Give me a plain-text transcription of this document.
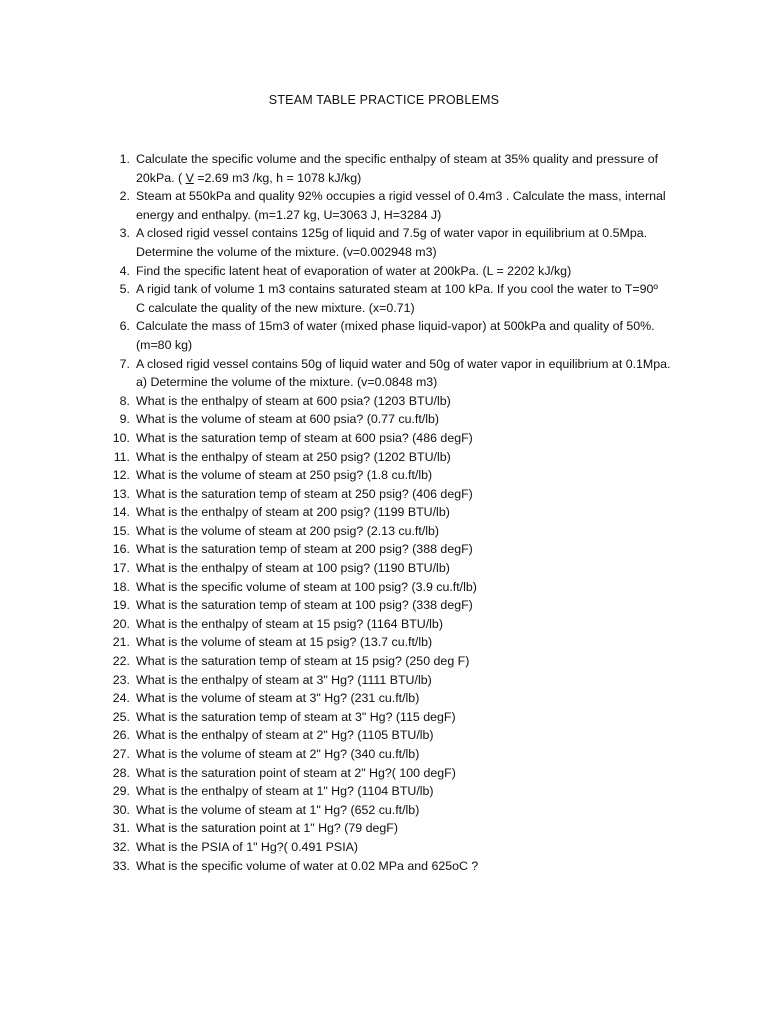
STEAM TABLE PRACTICE PROBLEMS
1. Calculate the specific volume and the specific enthalpy of steam at 35% quality and pressure of
20kPa. ( V =2.69 m3 /kg, h = 1078 kJ/kg)
2. Steam at 550kPa and quality 92% occupies a rigid vessel of 0.4m3 . Calculate the mass, internal
energy and enthalpy. (m=1.27 kg, U=3063 J, H=3284 J)
3. A closed rigid vessel contains 125g of liquid and 7.5g of water vapor in equilibrium at 0.5Mpa.
Determine the volume of the mixture. (v=0.002948 m3)
4. Find the specific latent heat of evaporation of water at 200kPa. (L = 2202 kJ/kg)
5. A rigid tank of volume 1 m3 contains saturated steam at 100 kPa. If you cool the water to T=90º
C calculate the quality of the new mixture. (x=0.71)
6. Calculate the mass of 15m3 of water (mixed phase liquid-vapor) at 500kPa and quality of 50%.
(m=80 kg)
7. A closed rigid vessel contains 50g of liquid water and 50g of water vapor in equilibrium at 0.1Mpa.
a) Determine the volume of the mixture. (v=0.0848 m3)
8. What is the enthalpy of steam at 600 psia? (1203 BTU/lb)
9. What is the volume of steam at 600 psia? (0.77 cu.ft/lb)
10. What is the saturation temp of steam at 600 psia? (486 degF)
11. What is the enthalpy of steam at 250 psig? (1202 BTU/lb)
12. What is the volume of steam at 250 psig? (1.8 cu.ft/lb)
13. What is the saturation temp of steam at 250 psig? (406 degF)
14. What is the enthalpy of steam at 200 psig? (1199 BTU/lb)
15. What is the volume of steam at 200 psig? (2.13 cu.ft/lb)
16. What is the saturation temp of steam at 200 psig? (388 degF)
17. What is the enthalpy of steam at 100 psig? (1190 BTU/lb)
18. What is the specific volume of steam at 100 psig? (3.9 cu.ft/lb)
19. What is the saturation temp of steam at 100 psig? (338 degF)
20. What is the enthalpy of steam at 15 psig? (1164 BTU/lb)
21. What is the volume of steam at 15 psig? (13.7 cu.ft/lb)
22. What is the saturation temp of steam at 15 psig? (250 deg F)
23. What is the enthalpy of steam at 3" Hg? (1111 BTU/lb)
24. What is the volume of steam at 3" Hg? (231 cu.ft/lb)
25. What is the saturation temp of steam at 3" Hg? (115 degF)
26. What is the enthalpy of steam at 2" Hg? (1105 BTU/lb)
27. What is the volume of steam at 2" Hg? (340 cu.ft/lb)
28. What is the saturation point of steam at 2" Hg?( 100 degF)
29. What is the enthalpy of steam at 1" Hg? (1104 BTU/lb)
30. What is the volume of steam at 1" Hg? (652 cu.ft/lb)
31. What is the saturation point at 1" Hg? (79 degF)
32. What is the PSIA of 1" Hg?( 0.491 PSIA)
33. What is the specific volume of water at 0.02 MPa and 625oC ?
